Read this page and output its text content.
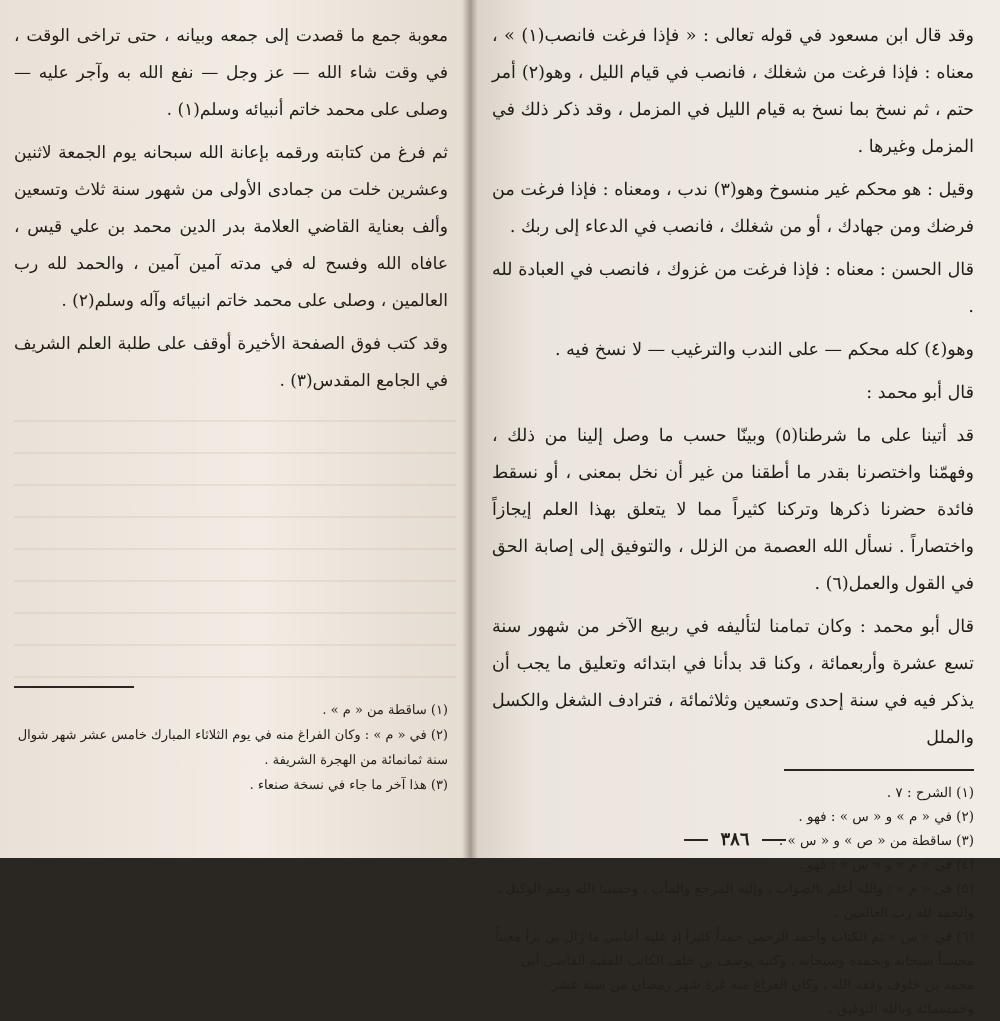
معوبة جمع ما قصدت إلى جمعه وبيانه ، حتى تراخى الوقت ، في وقت شاء الله — عز وجل — نفع الله به وآجر عليه — وصلى على محمد خاتم أنبيائه وسلم(١) .

ثم فرغ من كتابته ورقمه بإعانة الله سبحانه يوم الجمعة لاثنين وعشرين خلت من جمادى الأولى من شهور سنة ثلاث وتسعين وألف بعناية القاضي العلامة بدر الدين محمد بن علي قيس ، عافاه الله وفسح له في مدته آمين آمين ، والحمد لله رب العالمين ، وصلى على محمد خاتم انبيائه وآله وسلم(٢) .

وقد كتب فوق الصفحة الأخيرة أوقف على طلبة العلم الشريف في الجامع المقدس(٣) .

(١) ساقطة من « م » .
(٢) في « م » : وكان الفراغ منه في يوم الثلاثاء المبارك خامس عشر شهر شوال سنة ثمانمائة من الهجرة الشريفة .
(٣) هذا آخر ما جاء في نسخة صنعاء .

وقد قال ابن مسعود في قوله تعالى : « فإذا فرغت فانصب(١) » ، معناه : فإذا فرغت من شغلك ، فانصب في قيام الليل ، وهو(٢) أمر حتم ، ثم نسخ بما نسخ به قيام الليل في المزمل ، وقد ذكر ذلك في المزمل وغيرها .

وقيل : هو محكم غير منسوخ وهو(٣) ندب ، ومعناه : فإذا فرغت من فرضك ومن جهادك ، أو من شغلك ، فانصب في الدعاء إلى ربك .

قال الحسن : معناه : فإذا فرغت من غزوك ، فانصب في العبادة لله .

وهو(٤) كله محكم — على الندب والترغيب — لا نسخ فيه .

قال أبو محمد :

قد أتينا على ما شرطنا(٥) وبينّا حسب ما وصل إلينا من ذلك ، وفهمّنا واختصرنا بقدر ما أطقنا من غير أن نخل بمعنى ، أو نسقط فائدة حضرنا ذكرها وتركنا كثيراً مما لا يتعلق بهذا العلم إيجازاً واختصاراً . نسأل الله العصمة من الزلل ، والتوفيق إلى إصابة الحق في القول والعمل(٦) .

قال أبو محمد : وكان تمامنا لتأليفه في ربيع الآخر من شهور سنة تسع عشرة وأربعمائة ، وكنا قد بدأنا في ابتدائه وتعليق ما يجب أن يذكر فيه في سنة إحدى وتسعين وثلاثمائة ، فترادف الشغل والكسل والملل

(١) الشرح : ٧ .
(٢) في « م » و « س » : فهو .
(٣) ساقطة من « ص » و « س » .
(٤) في « م » و « س » : فهو .
(٥) في « م » : والله أعلم بالصواب ، وإليه المرجع والمآب ، وحسبنا الله ونعم الوكيل ، والحمد لله رب العالمين .
(٦) في « س » تم الكتاب وأحمد الرحمن حمداً كثيراً إذ عليه أعانني ما زال بي براً معيناً محسناً سبحانه وبحمده وسبحانه ، وكتبه يوسف بن خلف الكاتب للفقيه القاضي أبي محمد بن خلوف وفقه الله ، وكان الفراغ منه غرة شهر رمضان من سنة عشر وخمسمائة وبالله التوفيق .
٣٨٦
